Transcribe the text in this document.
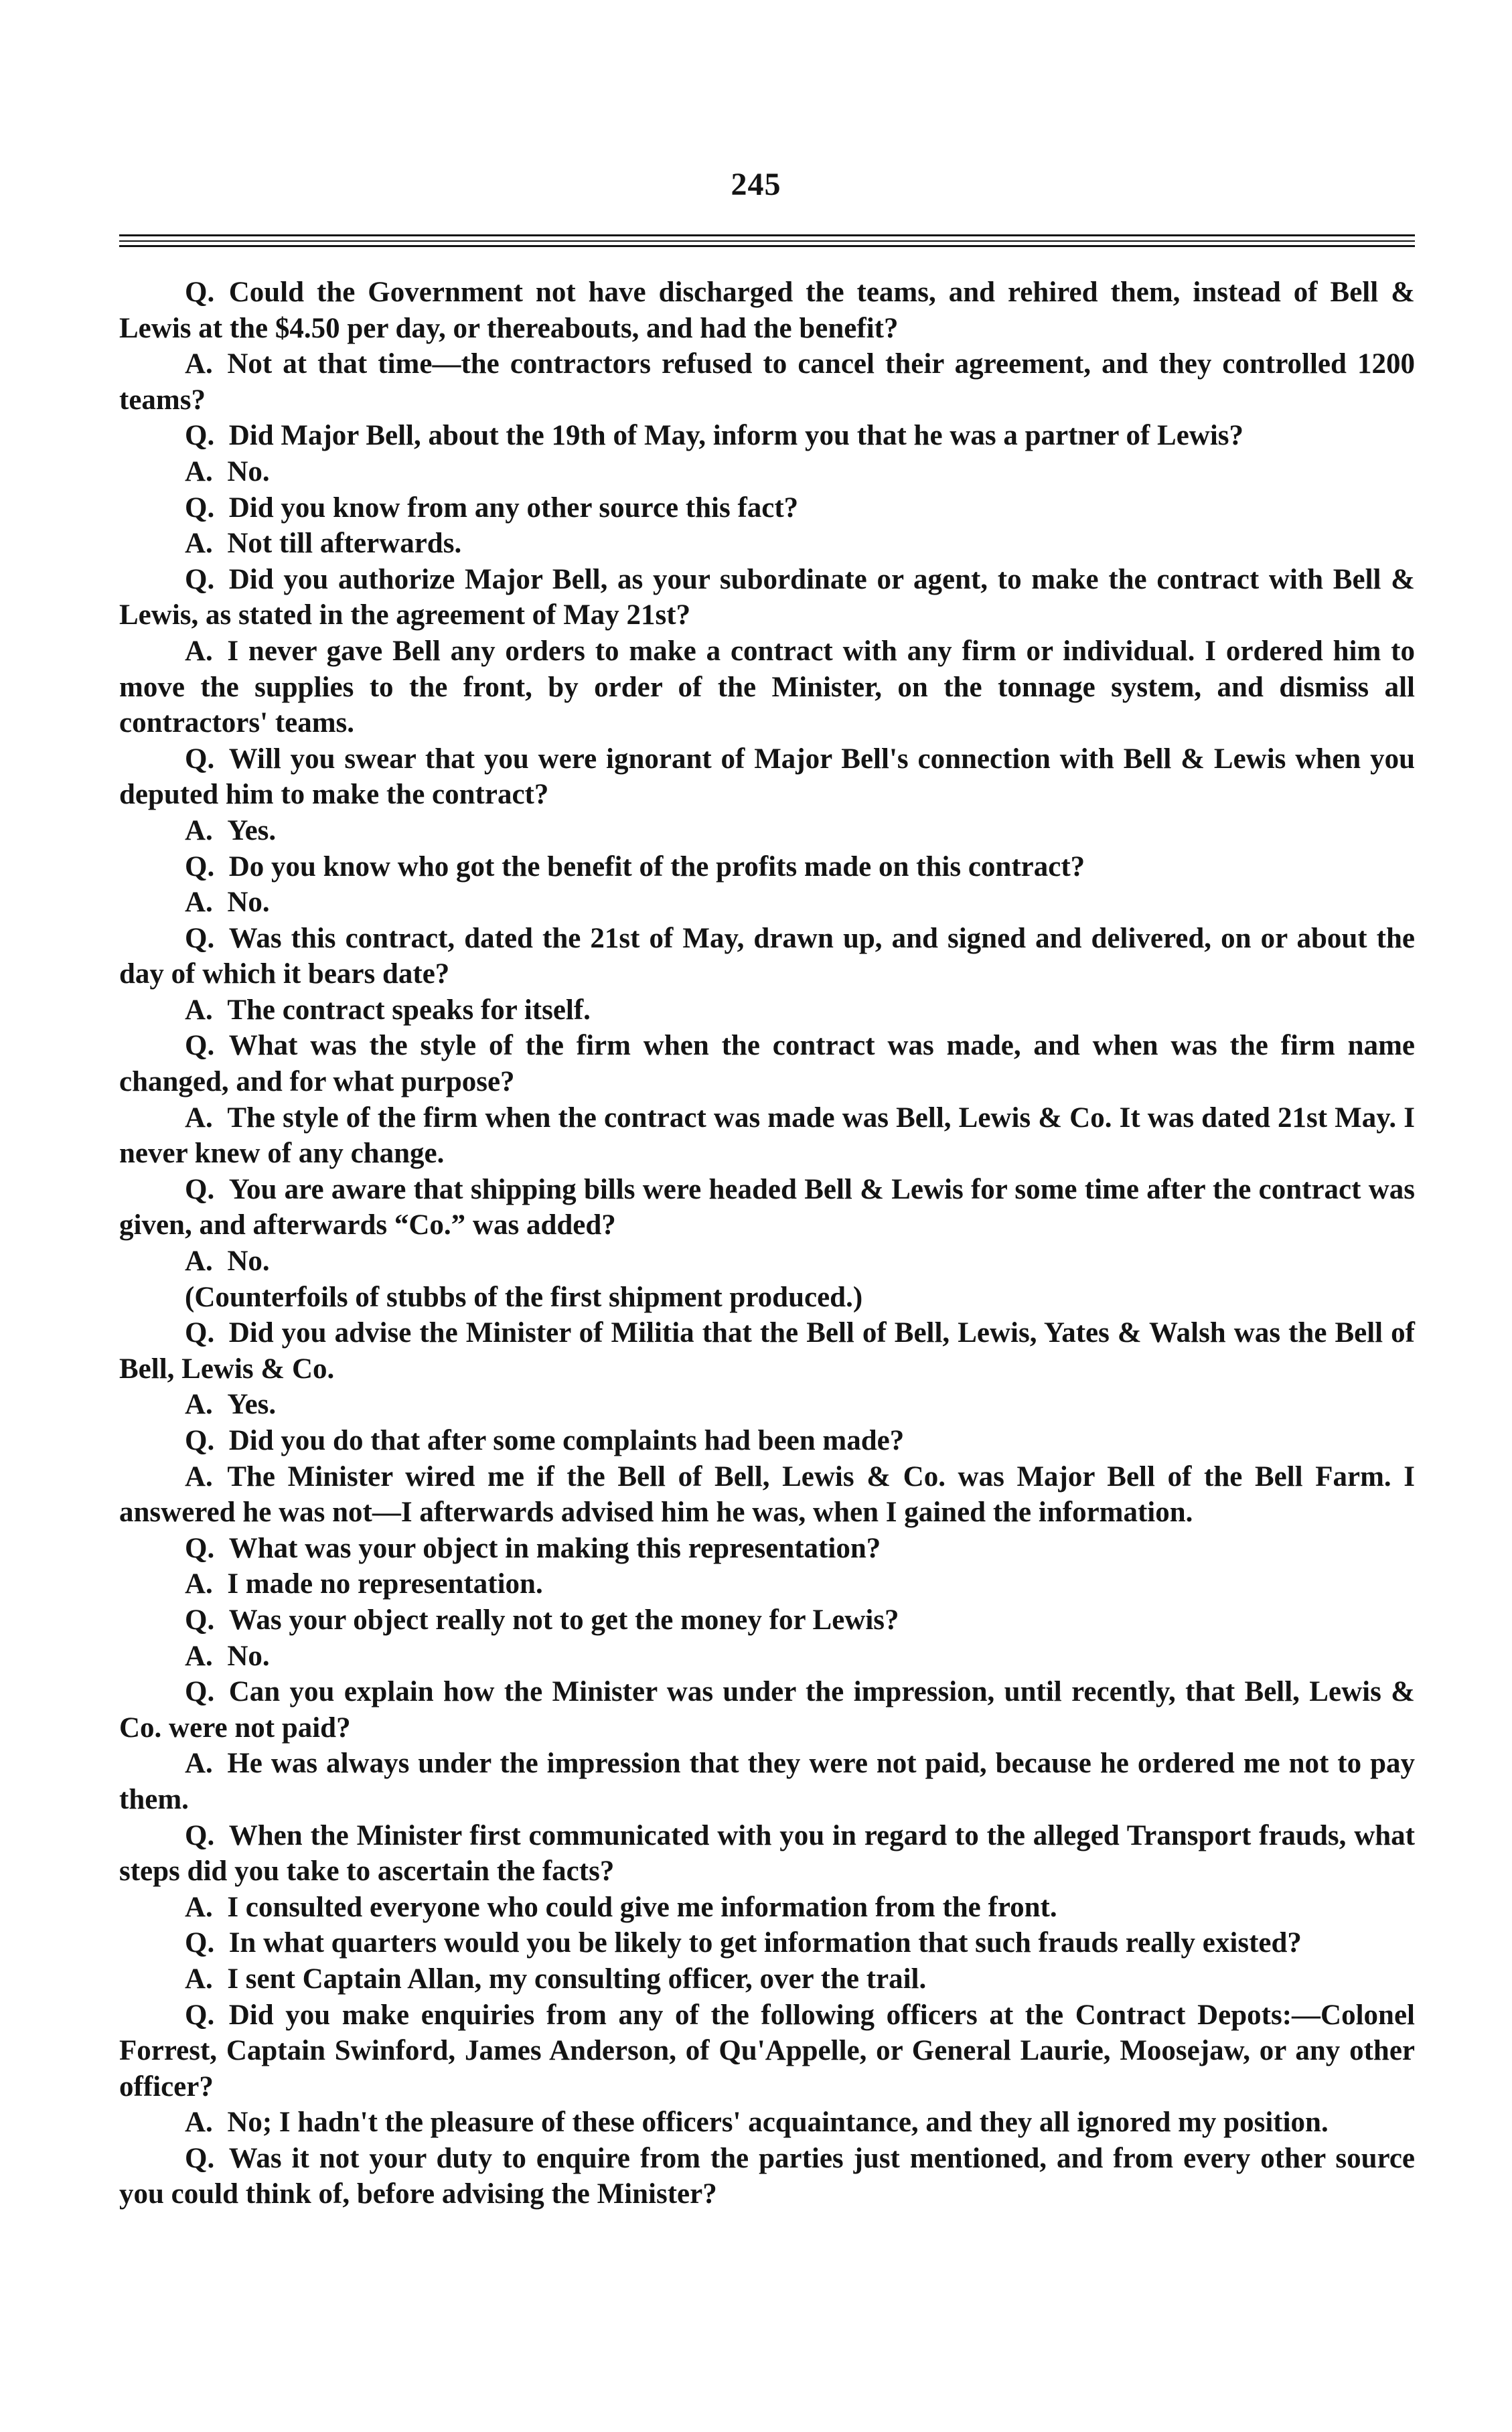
245

Q.  Could the Government not have discharged the teams, and rehired them, instead of Bell & Lewis at the $4.50 per day, or thereabouts, and had the benefit?

A.  Not at that time—the contractors refused to cancel their agreement, and they controlled 1200 teams?

Q.  Did Major Bell, about the 19th of May, inform you that he was a partner of Lewis?

A.  No.

Q.  Did you know from any other source this fact?

A.  Not till afterwards.

Q.  Did you authorize Major Bell, as your subordinate or agent, to make the contract with Bell & Lewis, as stated in the agreement of May 21st?

A.  I never gave Bell any orders to make a contract with any firm or individual. I ordered him to move the supplies to the front, by order of the Minister, on the tonnage system, and dismiss all contractors' teams.

Q.  Will you swear that you were ignorant of Major Bell's connection with Bell & Lewis when you deputed him to make the contract?

A.  Yes.

Q.  Do you know who got the benefit of the profits made on this contract?

A.  No.

Q.  Was this contract, dated the 21st of May, drawn up, and signed and delivered, on or about the day of which it bears date?

A.  The contract speaks for itself.

Q.  What was the style of the firm when the contract was made, and when was the firm name changed, and for what purpose?

A.  The style of the firm when the contract was made was Bell, Lewis & Co. It was dated 21st May. I never knew of any change.

Q.  You are aware that shipping bills were headed Bell & Lewis for some time after the contract was given, and afterwards “Co.” was added?

A.  No.

(Counterfoils of stubbs of the first shipment produced.)

Q.  Did you advise the Minister of Militia that the Bell of Bell, Lewis, Yates & Walsh was the Bell of Bell, Lewis & Co.

A.  Yes.

Q.  Did you do that after some complaints had been made?

A.  The Minister wired me if the Bell of Bell, Lewis & Co. was Major Bell of the Bell Farm. I answered he was not—I afterwards advised him he was, when I gained the information.

Q.  What was your object in making this representation?

A.  I made no representation.

Q.  Was your object really not to get the money for Lewis?

A.  No.

Q.  Can you explain how the Minister was under the impression, until recently, that Bell, Lewis & Co. were not paid?

A.  He was always under the impression that they were not paid, because he ordered me not to pay them.

Q.  When the Minister first communicated with you in regard to the alleged Transport frauds, what steps did you take to ascertain the facts?

A.  I consulted everyone who could give me information from the front.

Q.  In what quarters would you be likely to get information that such frauds really existed?

A.  I sent Captain Allan, my consulting officer, over the trail.

Q.  Did you make enquiries from any of the following officers at the Contract Depots:—Colonel Forrest, Captain Swinford, James Anderson, of Qu'Appelle, or General Laurie, Moosejaw, or any other officer?

A.  No; I hadn't the pleasure of these officers' acquaintance, and they all ignored my position.

Q.  Was it not your duty to enquire from the parties just mentioned, and from every other source you could think of, before advising the Minister?
